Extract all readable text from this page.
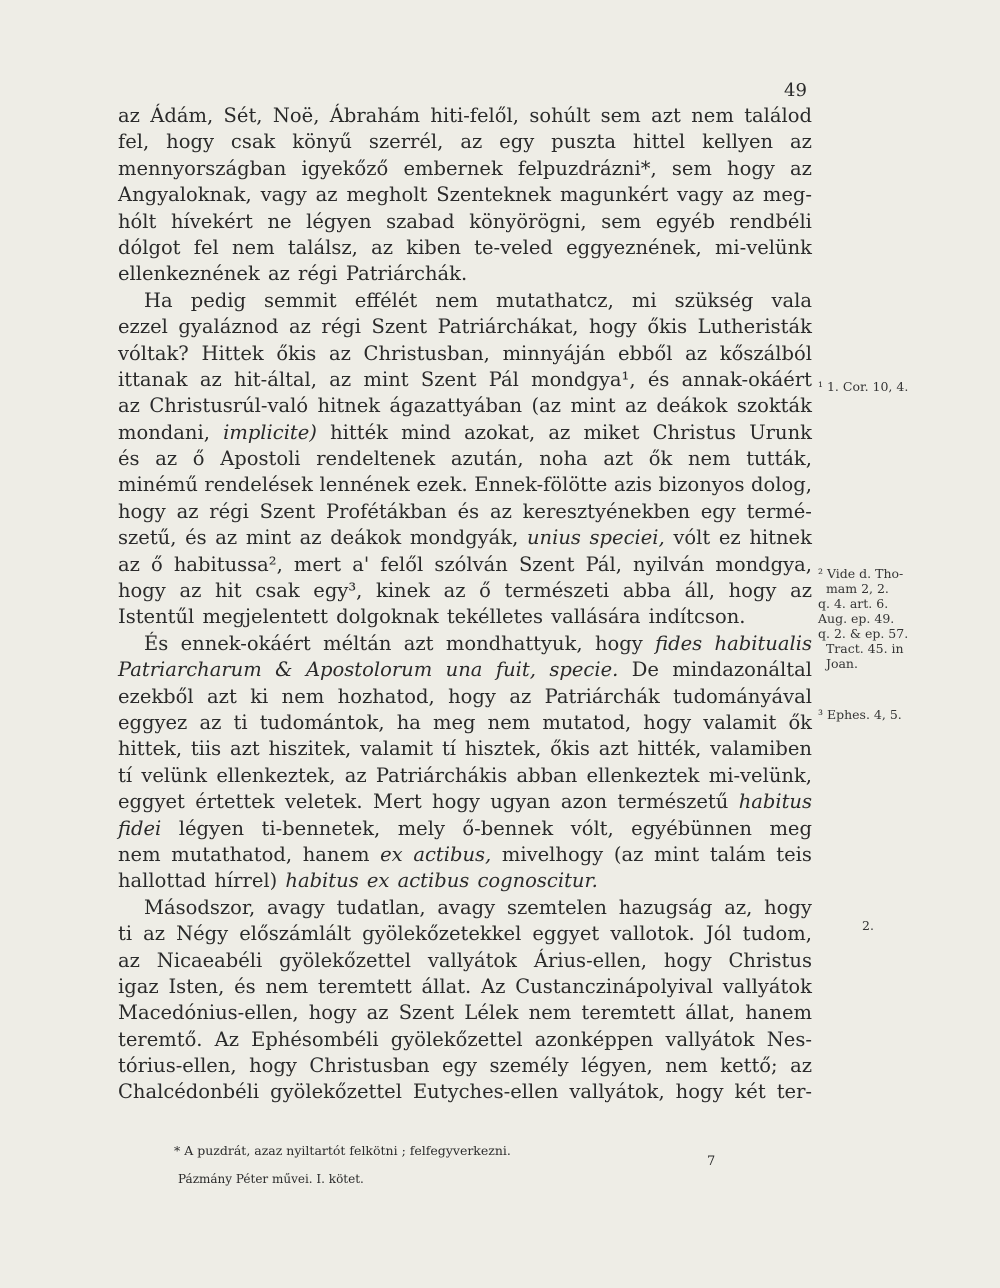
49
az Ádám, Sét, Noë, Ábrahám hiti-felől, sohúlt sem azt nem találod
fel, hogy csak könyű szerrél, az egy puszta hittel kellyen az
mennyországban igyekőző embernek felpuzdrázni*, sem hogy az
Angyaloknak, vagy az megholt Szenteknek magunkért vagy az meg-
hólt hívekért ne légyen szabad könyörögni, sem egyéb rendbéli
dólgot fel nem találsz, az kiben te-veled eggyeznének, mi-velünk
ellenkeznének az régi Patriárchák.
Ha pedig semmit effélét nem mutathatcz, mi szükség vala
ezzel gyaláznod az régi Szent Patriárchákat, hogy őkis Lutheristák
vóltak? Hittek őkis az Christusban, minnyáján ebből az kőszálból
ittanak az hit-által, az mint Szent Pál mondgya¹, és annak-okáért
az Christusrúl-való hitnek ágazattyában (az mint az deákok szokták
mondani, implicite) hitték mind azokat, az miket Christus Urunk
és az ő Apostoli rendeltenek azután, noha azt ők nem tutták,
minémű rendelések lennének ezek. Ennek-fölötte azis bizonyos dolog,
hogy az régi Szent Profétákban és az keresztyénekben egy termé-
szetű, és az mint az deákok mondgyák, unius speciei, vólt ez hitnek
az ő habitussa², mert a' felől szólván Szent Pál, nyilván mondgya,
hogy az hit csak egy³, kinek az ő természeti abba áll, hogy az
Istentűl megjelentett dolgoknak tekélletes vallására indítcson.
És ennek-okáért méltán azt mondhattyuk, hogy fides habitualis
Patriarcharum & Apostolorum una fuit, specie. De mindazonáltal
ezekből azt ki nem hozhatod, hogy az Patriárchák tudományával
eggyez az ti tudomántok, ha meg nem mutatod, hogy valamit ők
hittek, tiis azt hiszitek, valamit tí hisztek, őkis azt hitték, valamiben
tí velünk ellenkeztek, az Patriárchákis abban ellenkeztek mi-velünk,
eggyet értettek veletek. Mert hogy ugyan azon természetű habitus
fidei légyen ti-bennetek, mely ő-bennek vólt, egyébünnen meg
nem mutathatod, hanem ex actibus, mivelhogy (az mint talám teis
hallottad hírrel) habitus ex actibus cognoscitur.
Másodszor, avagy tudatlan, avagy szemtelen hazugság az, hogy
ti az Négy előszámlált gyölekőzetekkel eggyet vallotok. Jól tudom,
az Nicaeabéli gyölekőzettel vallyátok Árius-ellen, hogy Christus
igaz Isten, és nem teremtett állat. Az Custanczinápolyival vallyátok
Macedónius-ellen, hogy az Szent Lélek nem teremtett állat, hanem
teremtő. Az Ephésombéli gyölekőzettel azonképpen vallyátok Nes-
tórius-ellen, hogy Christusban egy személy légyen, nem kettő; az
Chalcédonbéli gyölekőzettel Eutyches-ellen vallyátok, hogy két ter-
¹ 1. Cor. 10, 4.
² Vide d. Tho-
mam 2, 2.
q. 4. art. 6.
Aug. ep. 49.
q. 2. & ep. 57.
Tract. 45. in
Joan.
³ Ephes. 4, 5.
2.
* A puzdrát, azaz nyiltartót felkötni ; felfegyverkezni.
7
Pázmány Péter művei. I. kötet.
